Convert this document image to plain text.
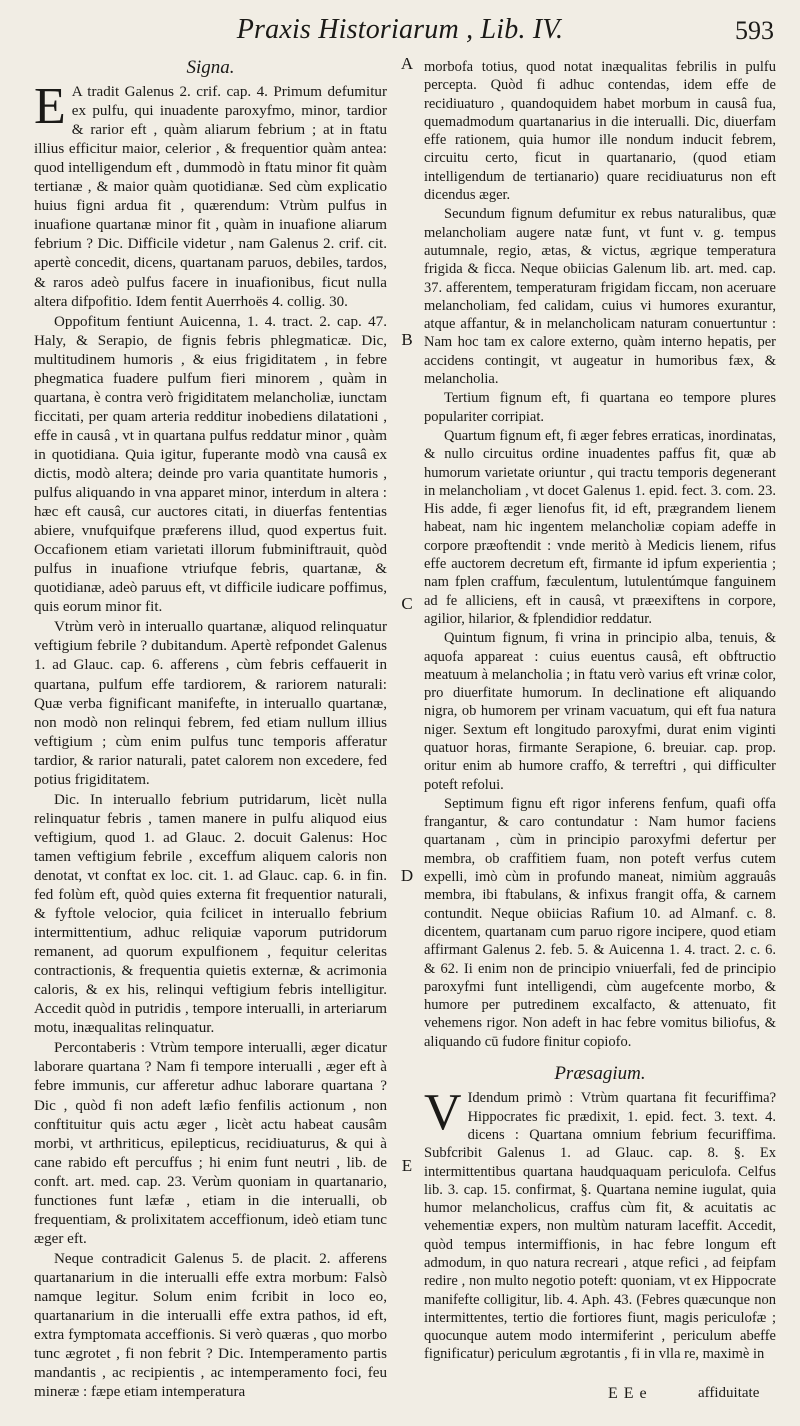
Praxis Historiarum , Lib. IV.	593
A
B
C
D
E
Signa.

E A tradit Galenus 2. crif. cap. 4. Primum defumitur ex pulfu, qui inuadente paroxyfmo, minor, tardior & rarior eft , quàm aliarum febrium ; at in ftatu illius efficitur maior, celerior , & frequentior quàm antea: quod intelligendum eft , dummodò in ftatu minor fit quàm tertianæ , & maior quàm quotidianæ. Sed cùm explicatio huius figni ardua fit , quærendum: Vtrùm pulfus in inuafione quartanæ minor fit , quàm in inuafione aliarum febrium ? Dic. Difficile videtur , nam Galenus 2. crif. cit. apertè concedit, dicens, quartanam paruos, debiles, tardos, & raros adeò pulfus facere in inuafionibus, ficut nulla altera difpofitio. Idem fentit Auerrhoës 4. collig. 30.

Oppofitum fentiunt Auicenna, 1. 4. tract. 2. cap. 47. Haly, & Serapio, de fignis febris phlegmaticæ. Dic, multitudinem humoris , & eius frigiditatem , in febre phegmatica fuadere pulfum fieri minorem , quàm in quartana, è contra verò frigiditatem melancholiæ, iunctam ficcitati, per quam arteria redditur inobediens dilatationi , effe in causâ , vt in quartana pulfus reddatur minor , quàm in quotidiana. Quia igitur, fuperante modò vna causâ ex dictis, modò altera; deinde pro varia quantitate humoris , pulfus aliquando in vna apparet minor, interdum in altera : hæc eft causâ, cur auctores citati, in diuerfas fententias abiere, vnufquifque præferens illud, quod expertus fuit. Occafionem etiam varietati illorum fubminiftrauit, quòd pulfus in inuafione vtriufque febris, quartanæ, & quotidianæ, adeò paruus eft, vt difficile iudicare poffimus, quis eorum minor fit.

Vtrùm verò in interuallo quartanæ, aliquod relinquatur veftigium febrile ? dubitandum. Apertè refpondet Galenus 1. ad Glauc. cap. 6. afferens , cùm febris ceffauerit in quartana, pulfum effe tardiorem, & rariorem naturali: Quæ verba fignificant manifefte, in interuallo quartanæ, non modò non relinqui febrem, fed etiam nullum illius veftigium ; cùm enim pulfus tunc temporis afferatur tardior, & rarior naturali, patet calorem non excedere, fed potius frigiditatem.

Dic. In interuallo febrium putridarum, licèt nulla relinquatur febris , tamen manere in pulfu aliquod eius veftigium, quod 1. ad Glauc. 2. docuit Galenus: Hoc tamen veftigium febrile , exceffum aliquem caloris non denotat, vt conftat ex loc. cit. 1. ad Glauc. cap. 6. in fin. fed folùm eft, quòd quies externa fit frequentior naturali, & fyftole velocior, quia fcilicet in interuallo febrium intermittentium, adhuc reliquiæ vaporum putridorum remanent, ad quorum expulfionem , fequitur celeritas contractionis, & frequentia quietis externæ, & acrimonia caloris, & ex his, relinqui veftigium febris intelligitur. Accedit quòd in putridis , tempore interualli, in arteriarum motu, inæqualitas relinquatur.

Percontaberis : Vtrùm tempore interualli, æger dicatur laborare quartana ? Nam fi tempore interualli , æger eft à febre immunis, cur afferetur adhuc laborare quartana ? Dic , quòd fi non adeft læfio fenfilis actionum , non conftituitur quis actu æger , licèt actu habeat causâm morbi, vt arthriticus, epilepticus, recidiuaturus, & qui à cane rabido eft percuffus ; hi enim funt neutri , lib. de conft. art. med. cap. 23. Verùm quoniam in quartanario, functiones funt læfæ , etiam in die interualli, ob frequentiam, & prolixitatem acceffionum, ideò etiam tunc æger eft.

Neque contradicit Galenus 5. de placit. 2. afferens quartanarium in die interualli effe extra morbum: Falsò namque legitur. Solum enim fcribit in loco eo, quartanarium in die interualli effe extra pathos, id eft, extra fymptomata acceffionis. Si verò quæras , quo morbo tunc ægrotet , fi non febrit ? Dic. Intemperamento partis mandantis , ac recipientis , ac intemperamento foci, feu mineræ : fæpe etiam intemperatura

morbofa totius, quod notat inæqualitas febrilis in pulfu percepta. Quòd fi adhuc contendas, idem effe de recidiuaturo , quandoquidem habet morbum in causâ fua, quemadmodum quartanarius in die interualli. Dic, diuerfam effe rationem, quia humor ille nondum inducit febrem, circuitu certo, ficut in quartanario, (quod etiam intelligendum de tertianario) quare recidiuaturus non eft dicendus æger.

Secundum fignum defumitur ex rebus naturalibus, quæ melancholiam augere natæ funt, vt funt v. g. tempus autumnale, regio, ætas, & victus, ægrique temperatura frigida & ficca. Neque obiicias Galenum lib. art. med. cap. 37. afferentem, temperaturam frigidam ficcam, non aceruare melancholiam, fed calidam, cuius vi humores exurantur, atque affantur, & in melancholicam naturam conuertuntur : Nam hoc tam ex calore externo, quàm interno hepatis, per accidens contingit, vt augeatur in humoribus fæx, & melancholia.

Tertium fignum eft, fi quartana eo tempore plures populariter corripiat.

Quartum fignum eft, fi æger febres erraticas, inordinatas, & nullo circuitus ordine inuadentes paffus fit, quæ ab humorum varietate oriuntur , qui tractu temporis degenerant in melancholiam , vt docet Galenus 1. epid. fect. 3. com. 23. His adde, fi æger lienofus fit, id eft, prægrandem lienem habeat, nam hic ingentem melancholiæ copiam adeffe in corpore præoftendit : vnde meritò à Medicis lienem, rifus effe auctorem decretum eft, firmante id ipfum experientia ; nam fplen craffum, fæculentum, lutulentúmque fanguinem ad fe alliciens, eft in causâ, vt præexiftens in corpore, agilior, hilarior, & fplendidior reddatur.

Quintum fignum, fi vrina in principio alba, tenuis, & aquofa appareat : cuius euentus causâ, eft obftructio meatuum à melancholia ; in ftatu verò varius eft vrinæ color, pro diuerfitate humorum. In declinatione eft aliquando nigra, ob humorem per vrinam vacuatum, qui eft fua natura niger. Sextum eft longitudo paroxyfmi, durat enim viginti quatuor horas, firmante Serapione, 6. breuiar. cap. prop. oritur enim ab humore craffo, & terreftri , qui difficulter poteft refolui.

Septimum fignu eft rigor inferens fenfum, quafi offa frangantur, & caro contundatur : Nam humor faciens quartanam , cùm in principio paroxyfmi defertur per membra, ob craffitiem fuam, non poteft verfus cutem expelli, imò cùm in profundo maneat, nimiùm aggrauâs membra, ibi ftabulans, & infixus frangit offa, & carnem contundit. Neque obiicias Rafium 10. ad Almanf. c. 8. dicentem, quartanam cum paruo rigore incipere, quod etiam affirmant Galenus 2. feb. 5. & Auicenna 1. 4. tract. 2. c. 6. & 62. Ii enim non de principio vniuerfali, fed de principio paroxyfmi funt intelligendi, cùm augefcente morbo, & humore per putredinem excalfacto, & attenuato, fit vehemens rigor. Non adeft in hac febre vomitus biliofus, & aliquando cū fudore finitur copiofo.

Præsagium.

V Idendum primò : Vtrùm quartana fit fecuriffima? Hippocrates fic prædixit, 1. epid. fect. 3. text. 4. dicens : Quartana omnium febrium fecuriffima. Subfcribit Galenus 1. ad Glauc. cap. 8. §. Ex intermittentibus quartana haudquaquam periculofa. Celfus lib. 3. cap. 15. confirmat, §. Quartana nemine iugulat, quia humor melancholicus, craffus cùm fit, & acuitatis ac vehementiæ expers, non multùm naturam laceffit. Accedit, quòd tempus intermiffionis, in hac febre longum eft admodum, in quo natura recreari , atque refici , ad feipfam redire , non multo negotio poteft: quoniam, vt ex Hippocrate manifefte colligitur, lib. 4. Aph. 43. (Febres quæcunque non intermittentes, tertio die fortiores fiunt, magis periculofæ ; quocunque autem modo intermiferint , periculum abeffe fignificatur) periculum ægrotantis , fi in vlla re, maximè in

E E e	affiduitate
